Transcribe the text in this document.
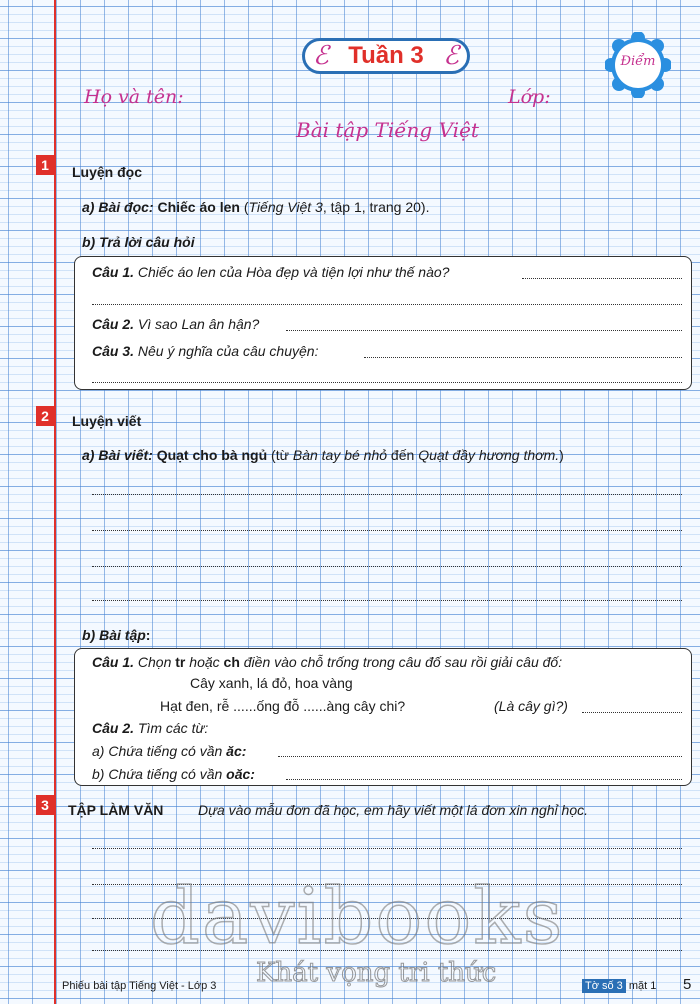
ℰ Tuần 3 ℰ	Điểm
Họ và tên:	Lớp:
Bài tập Tiếng Việt
1	Luyện đọc
a) Bài đọc: Chiếc áo len (Tiếng Việt 3, tập 1, trang 20).
b) Trả lời câu hỏi
Câu 1. Chiếc áo len của Hòa đẹp và tiện lợi như thế nào?
Câu 2. Vì sao Lan ân hận?
Câu 3. Nêu ý nghĩa của câu chuyện:
2	Luyện viết
a) Bài viết: Quạt cho bà ngủ (từ Bàn tay bé nhỏ đến Quạt đầy hương thơm.)
b) Bài tập:
Câu 1. Chọn tr hoặc ch điền vào chỗ trống trong câu đố sau rồi giải câu đố:
Cây xanh, lá đỏ, hoa vàng
Hạt đen, rễ ......ống đỗ ......àng cây chi?	(Là cây gì?)
Câu 2. Tìm các từ:
a) Chứa tiếng có vần ăc:
b) Chứa tiếng có vần oăc:
3	TẬP LÀM VĂN Dựa vào mẫu đơn đã học, em hãy viết một lá đơn xin nghỉ học.
davibooks
Khát vọng tri thức
Phiếu bài tập Tiếng Việt - Lớp 3	Tờ số 3 mặt 1 5
